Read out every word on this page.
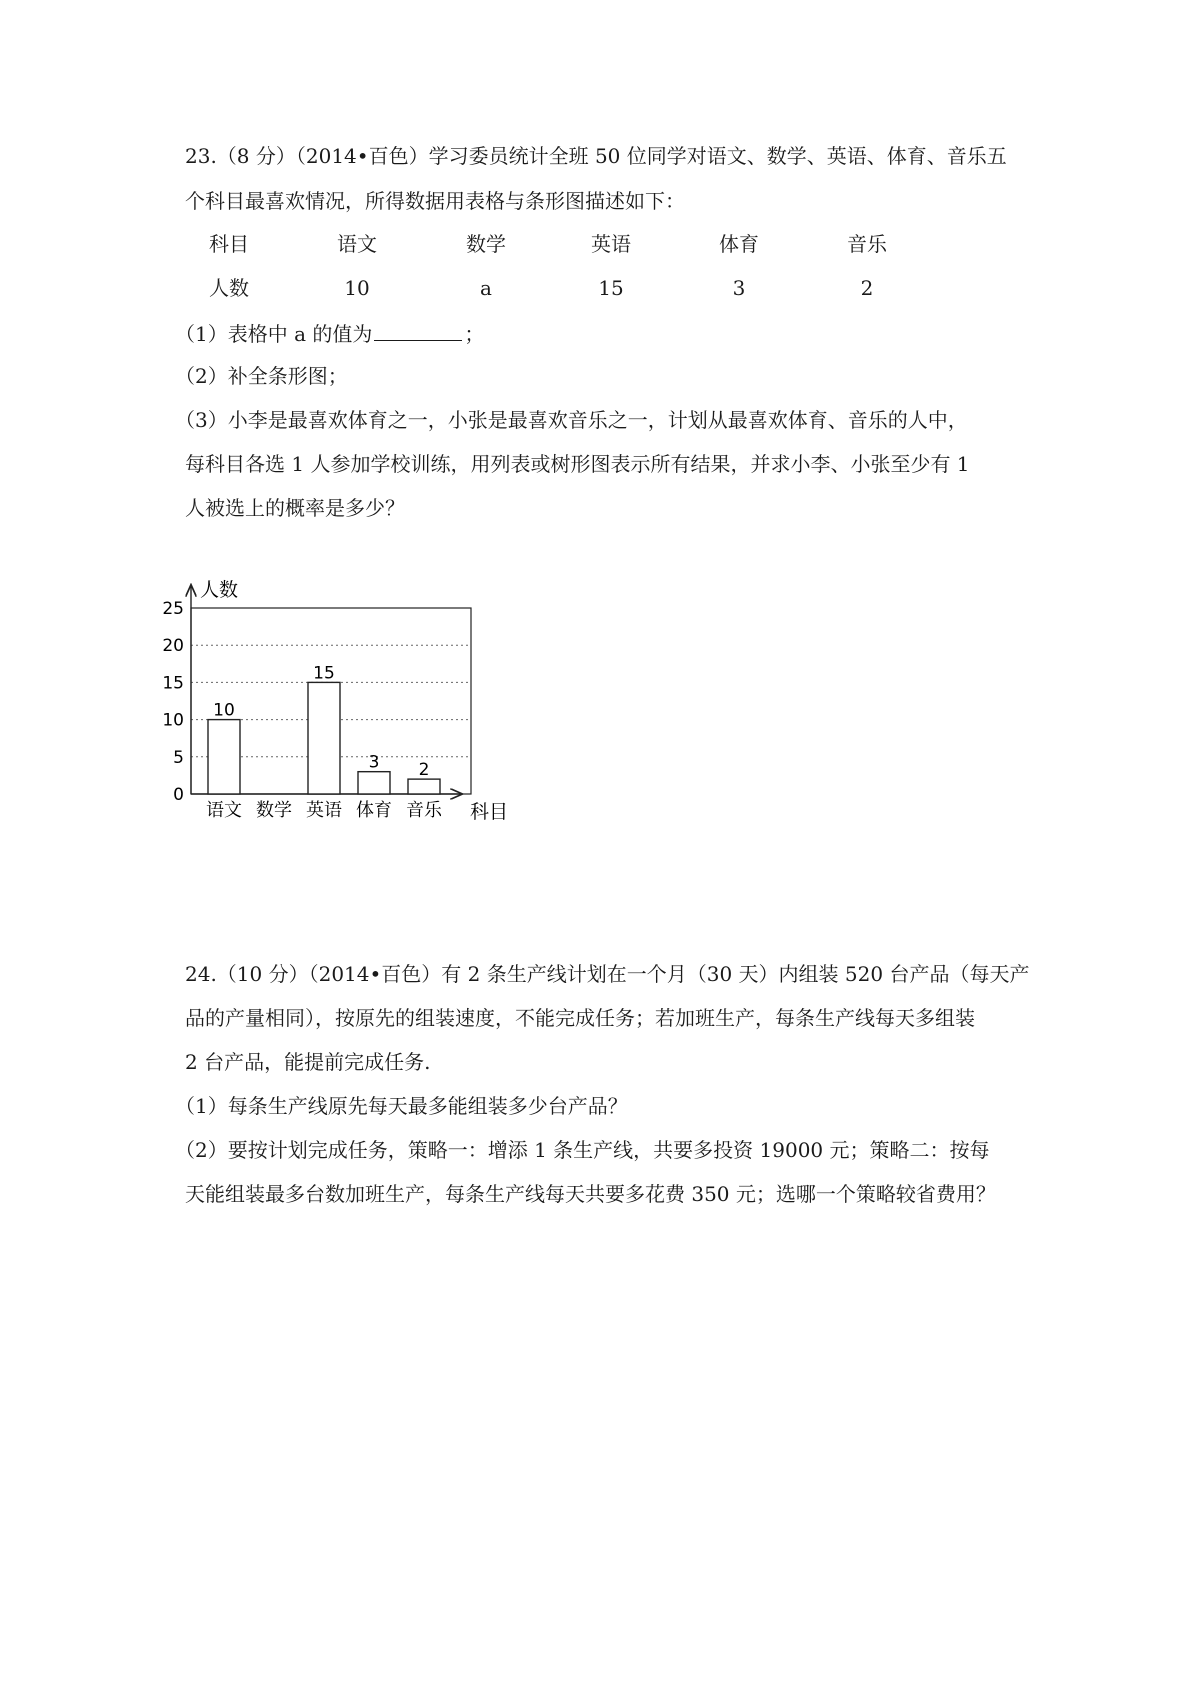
23.（8 分）（2014•百色）学习委员统计全班 50 位同学对语文、数学、英语、体育、音乐五
个科目最喜欢情况，所得数据用表格与条形图描述如下：
科目	语文	数学	英语	体育	音乐
人数	10	a	15	3	2
（1）表格中 a 的值为	；
（2）补全条形图；
（3）小李是最喜欢体育之一，小张是最喜欢音乐之一，计划从最喜欢体育、音乐的人中，
每科目各选 1 人参加学校训练，用列表或树形图表示所有结果，并求小李、小张至少有 1
人被选上的概率是多少？
0
5
10
15
20
25
10
15
3 2
语文 数学 英语 体育 音乐
人数
科目
24.（10 分）（2014•百色）有 2 条生产线计划在一个月（30 天）内组装 520 台产品（每天产
品的产量相同），按原先的组装速度，不能完成任务；若加班生产，每条生产线每天多组装
2 台产品，能提前完成任务.
（1）每条生产线原先每天最多能组装多少台产品？
（2）要按计划完成任务，策略一：增添 1 条生产线，共要多投资 19000 元；策略二：按每
天能组装最多台数加班生产，每条生产线每天共要多花费 350 元；选哪一个策略较省费用？
